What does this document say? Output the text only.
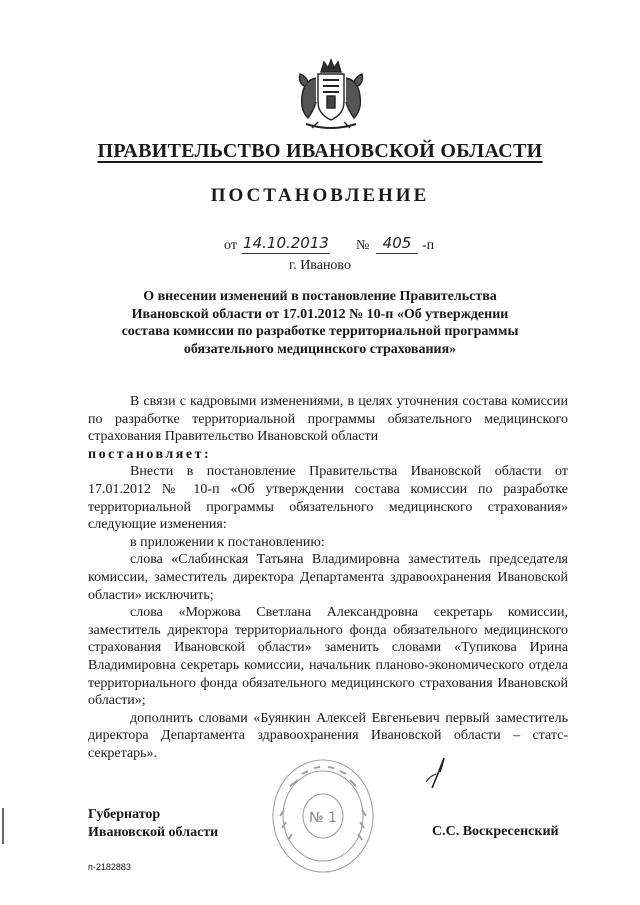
ПРАВИТЕЛЬСТВО ИВАНОВСКОЙ ОБЛАСТИ
ПОСТАНОВЛЕНИЕ
от 14.10.2013 № 405 -п
г. Иваново
О внесении изменений в постановление Правительства Ивановской области от 17.01.2012 № 10-п «Об утверждении состава комиссии по разработке территориальной программы обязательного медицинского страхования»

В связи с кадровыми изменениями, в целях уточнения состава комиссии по разработке территориальной программы обязательного медицинского страхования Правительство Ивановской области

постановляет:

Внести в постановление Правительства Ивановской области от 17.01.2012 № 10-п «Об утверждении состава комиссии по разработке территориальной программы обязательного медицинского страхования» следующие изменения:

в приложении к постановлению:

слова «Слабинская Татьяна Владимировна заместитель председателя комиссии, заместитель директора Департамента здравоохранения Ивановской области» исключить;

слова «Моржова Светлана Александровна секретарь комиссии, заместитель директора территориального фонда обязательного медицинского страхования Ивановской области» заменить словами «Тупикова Ирина Владимировна секретарь комиссии, начальник планово-экономического отдела территориального фонда обязательного медицинского страхования Ивановской области»;

дополнить словами «Буянкин Алексей Евгеньевич первый заместитель директора Департамента здравоохранения Ивановской области – статс-секретарь».

№ 1
Губернатор
Ивановской области	С.С. Воскресенский
п-2182883
